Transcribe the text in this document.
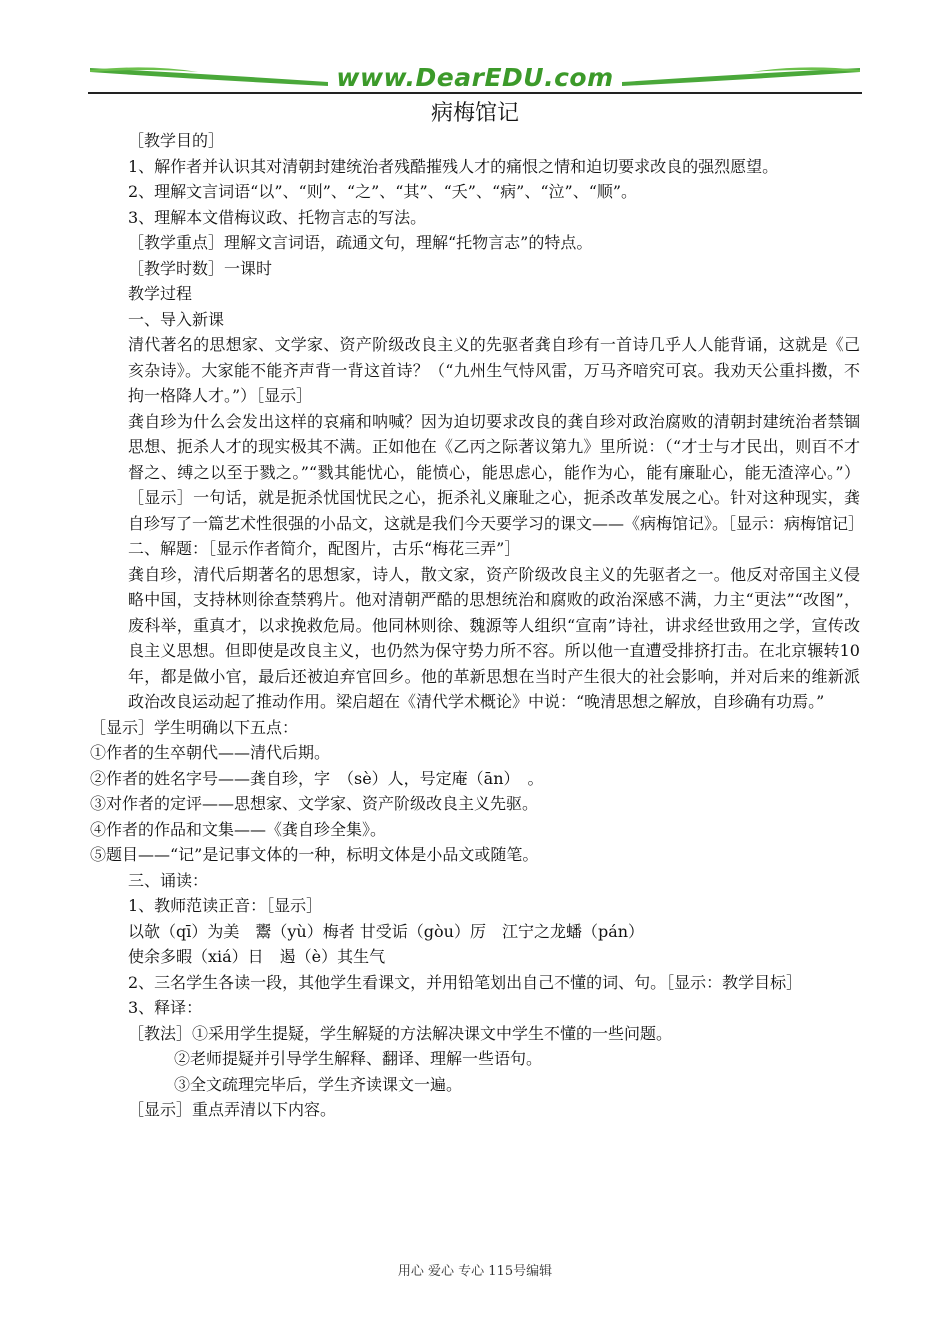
www.DearEDU.com
病梅馆记

［教学目的］

1、解作者并认识其对清朝封建统治者残酷摧残人才的痛恨之情和迫切要求改良的强烈愿望。

2、理解文言词语“以”、“则”、“之”、“其”、“夭”、“病”、“泣”、“顺”。

3、理解本文借梅议政、托物言志的写法。

［教学重点］理解文言词语，疏通文句，理解“托物言志”的特点。

［教学时数］一课时

教学过程

一、导入新课

清代著名的思想家、文学家、资产阶级改良主义的先驱者龚自珍有一首诗几乎人人能背诵，这就是《己亥杂诗》。大家能不能齐声背一背这首诗？（“九州生气恃风雷，万马齐喑究可哀。我劝天公重抖擞，不拘一格降人才。”）［显示］

龚自珍为什么会发出这样的哀痛和呐喊？因为迫切要求改良的龚自珍对政治腐败的清朝封建统治者禁锢思想、扼杀人才的现实极其不满。正如他在《乙丙之际著议第九》里所说：（“才士与才民出，则百不才督之、缚之以至于戮之。”“戮其能忧心，能愤心，能思虑心，能作为心，能有廉耻心，能无渣滓心。”）［显示］一句话，就是扼杀忧国忧民之心，扼杀礼义廉耻之心，扼杀改革发展之心。针对这种现实，龚自珍写了一篇艺术性很强的小品文，这就是我们今天要学习的课文——《病梅馆记》。［显示：病梅馆记］

二、解题：［显示作者简介，配图片，古乐“梅花三弄”］

龚自珍，清代后期著名的思想家，诗人，散文家，资产阶级改良主义的先驱者之一。他反对帝国主义侵略中国，支持林则徐查禁鸦片。他对清朝严酷的思想统治和腐败的政治深感不满，力主“更法”“改图”，废科举，重真才，以求挽救危局。他同林则徐、魏源等人组织“宣南”诗社，讲求经世致用之学，宣传改良主义思想。但即使是改良主义，也仍然为保守势力所不容。所以他一直遭受排挤打击。在北京辗转10年，都是做小官，最后还被迫弃官回乡。他的革新思想在当时产生很大的社会影响，并对后来的维新派政治改良运动起了推动作用。梁启超在《清代学术概论》中说：“晚清思想之解放，自珍确有功焉。”

［显示］学生明确以下五点：

①作者的生卒朝代——清代后期。

②作者的姓名字号——龚自珍，字　（sè）人，号定庵（ān）　。

③对作者的定评——思想家、文学家、资产阶级改良主义先驱。

④作者的作品和文集——《龚自珍全集》。

⑤题目——“记”是记事文体的一种，标明文体是小品文或随笔。

三、诵读：

1、教师范读正音：［显示］

以欹（qī）为美　鬻（yù）梅者 甘受诟（gòu）厉　江宁之龙蟠（pán）

使余多暇（xiá）日　遏（è）其生气

2、三名学生各读一段，其他学生看课文，并用铅笔划出自己不懂的词、句。［显示：教学目标］

3、释译：

［教法］①采用学生提疑，学生解疑的方法解决课文中学生不懂的一些问题。

②老师提疑并引导学生解释、翻译、理解一些语句。

③全文疏理完毕后，学生齐读课文一遍。

［显示］重点弄清以下内容。

用心 爱心 专心 115号编辑
